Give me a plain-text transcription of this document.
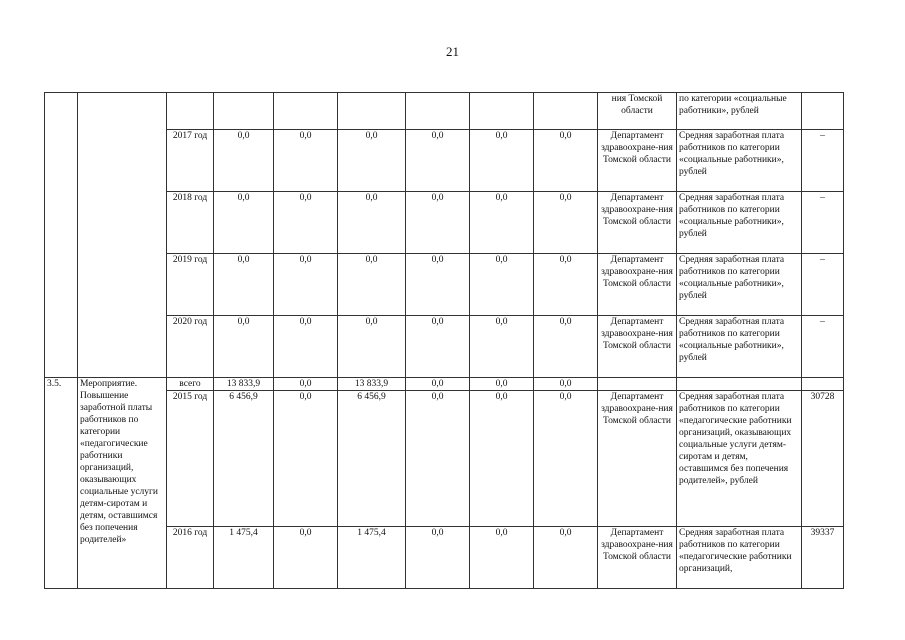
21
									ния Томской области	по категории «социальные работники», рублей	
		2017 год	0,0	0,0	0,0	0,0	0,0	0,0	Департамент здравоохране-ния Томской области	Средняя заработная плата работников по категории «социальные работники», рублей	–
		2018 год	0,0	0,0	0,0	0,0	0,0	0,0	Департамент здравоохране-ния Томской области	Средняя заработная плата работников по категории «социальные работники», рублей	–
		2019 год	0,0	0,0	0,0	0,0	0,0	0,0	Департамент здравоохране-ния Томской области	Средняя заработная плата работников по категории «социальные работники», рублей	–
		2020 год	0,0	0,0	0,0	0,0	0,0	0,0	Департамент здравоохране-ния Томской области	Средняя заработная плата работников по категории «социальные работники», рублей	–
3.5.	Мероприятие. Повышение заработной платы работников по категории «педагогические работники организаций, оказывающих социальные услуги детям-сиротам и детям, оставшимся без попечения родителей»	всего	13 833,9	0,0	13 833,9	0,0	0,0	0,0			
		2015 год	6 456,9	0,0	6 456,9	0,0	0,0	0,0	Департамент здравоохране-ния Томской области	Средняя заработная плата работников по категории «педагогические работники организаций, оказывающих социальные услуги детям-сиротам и детям, оставшимся без попечения родителей», рублей	30728
		2016 год	1 475,4	0,0	1 475,4	0,0	0,0	0,0	Департамент здравоохране-ния Томской области	Средняя заработная плата работников по категории «педагогические работники организаций,	39337
